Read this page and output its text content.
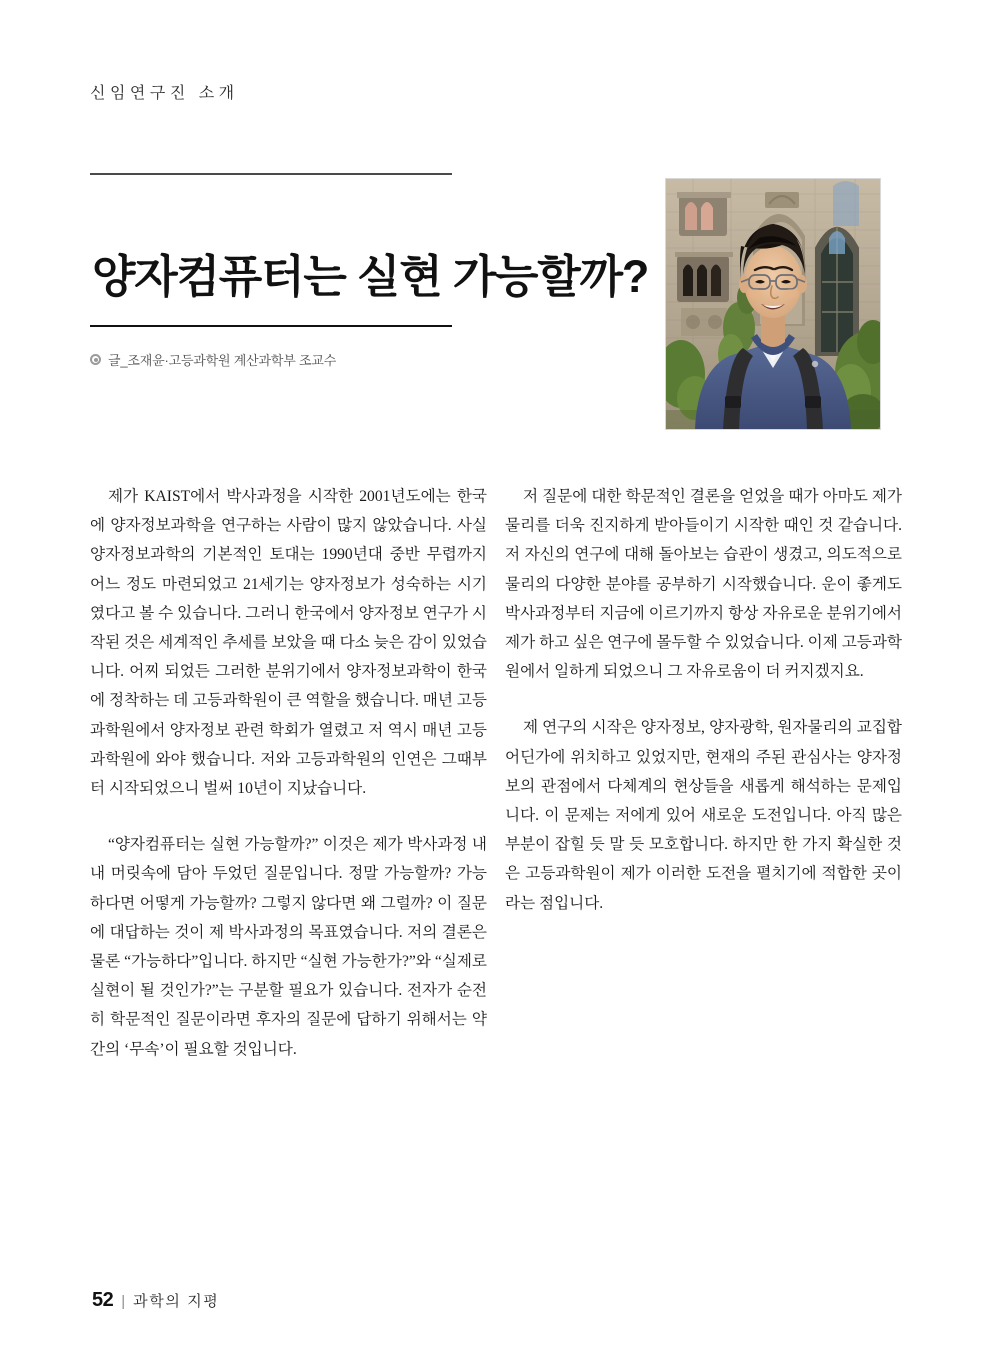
신임연구진 소개
양자컴퓨터는 실현 가능할까?
글_조재윤·고등과학원 계산과학부 조교수

제가 KAIST에서 박사과정을 시작한 2001년도에는 한국에 양자정보과학을 연구하는 사람이 많지 않았습니다. 사실 양자정보과학의 기본적인 토대는 1990년대 중반 무렵까지 어느 정도 마련되었고 21세기는 양자정보가 성숙하는 시기였다고 볼 수 있습니다. 그러니 한국에서 양자정보 연구가 시작된 것은 세계적인 추세를 보았을 때 다소 늦은 감이 있었습니다. 어찌 되었든 그러한 분위기에서 양자정보과학이 한국에 정착하는 데 고등과학원이 큰 역할을 했습니다. 매년 고등과학원에서 양자정보 관련 학회가 열렸고 저 역시 매년 고등과학원에 와야 했습니다. 저와 고등과학원의 인연은 그때부터 시작되었으니 벌써 10년이 지났습니다.

“양자컴퓨터는 실현 가능할까?” 이것은 제가 박사과정 내내 머릿속에 담아 두었던 질문입니다. 정말 가능할까? 가능하다면 어떻게 가능할까? 그렇지 않다면 왜 그럴까? 이 질문에 대답하는 것이 제 박사과정의 목표였습니다. 저의 결론은 물론 “가능하다”입니다. 하지만 “실현 가능한가?”와 “실제로 실현이 될 것인가?”는 구분할 필요가 있습니다. 전자가 순전히 학문적인 질문이라면 후자의 질문에 답하기 위해서는 약간의 ‘무속’이 필요할 것입니다.

저 질문에 대한 학문적인 결론을 얻었을 때가 아마도 제가 물리를 더욱 진지하게 받아들이기 시작한 때인 것 같습니다. 저 자신의 연구에 대해 돌아보는 습관이 생겼고, 의도적으로 물리의 다양한 분야를 공부하기 시작했습니다. 운이 좋게도 박사과정부터 지금에 이르기까지 항상 자유로운 분위기에서 제가 하고 싶은 연구에 몰두할 수 있었습니다. 이제 고등과학원에서 일하게 되었으니 그 자유로움이 더 커지겠지요.

제 연구의 시작은 양자정보, 양자광학, 원자물리의 교집합 어딘가에 위치하고 있었지만, 현재의 주된 관심사는 양자정보의 관점에서 다체계의 현상들을 새롭게 해석하는 문제입니다. 이 문제는 저에게 있어 새로운 도전입니다. 아직 많은 부분이 잡힐 듯 말 듯 모호합니다. 하지만 한 가지 확실한 것은 고등과학원이 제가 이러한 도전을 펼치기에 적합한 곳이라는 점입니다.

52 | 과학의 지평
